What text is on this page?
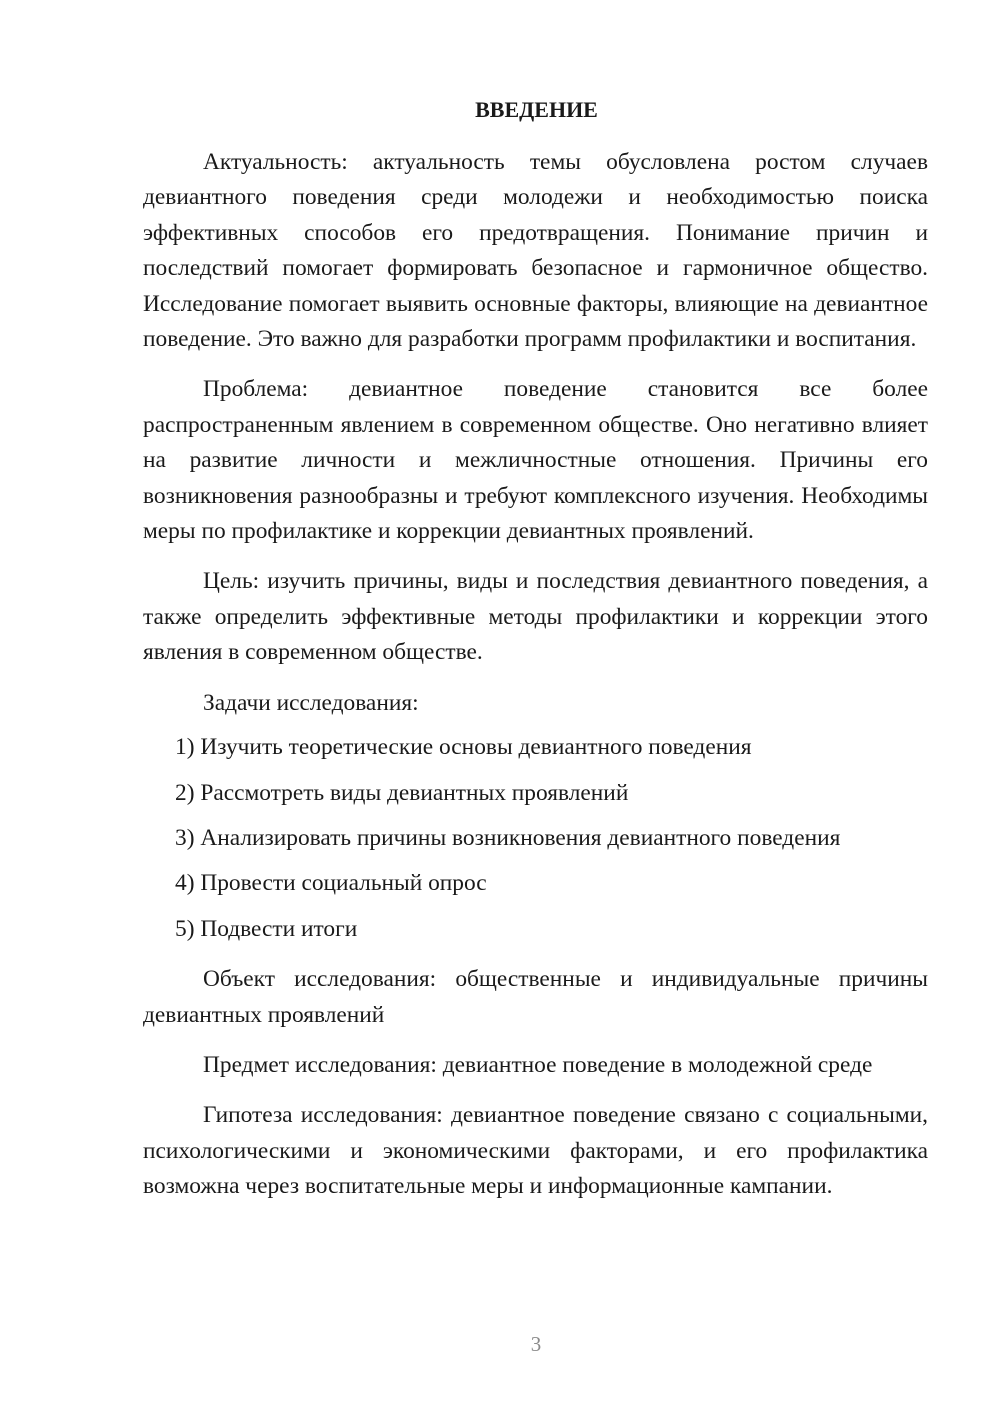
ВВЕДЕНИЕ

Актуальность: актуальность темы обусловлена ростом случаев девиантного поведения среди молодежи и необходимостью поиска эффективных способов его предотвращения. Понимание причин и последствий помогает формировать безопасное и гармоничное общество. Исследование помогает выявить основные факторы, влияющие на девиантное поведение. Это важно для разработки программ профилактики и воспитания.

Проблема: девиантное поведение становится все более распространенным явлением в современном обществе. Оно негативно влияет на развитие личности и межличностные отношения. Причины его возникновения разнообразны и требуют комплексного изучения. Необходимы меры по профилактике и коррекции девиантных проявлений.

Цель: изучить причины, виды и последствия девиантного поведения, а также определить эффективные методы профилактики и коррекции этого явления в современном обществе.

Задачи исследования:

1) Изучить теоретические основы девиантного поведения
2) Рассмотреть виды девиантных проявлений
3) Анализировать причины возникновения девиантного поведения
4) Провести социальный опрос
5) Подвести итоги

Объект исследования: общественные и индивидуальные причины девиантных проявлений

Предмет исследования: девиантное поведение в молодежной среде

Гипотеза исследования: девиантное поведение связано с социальными, психологическими и экономическими факторами, и его профилактика возможна через воспитательные меры и информационные кампании.

3
